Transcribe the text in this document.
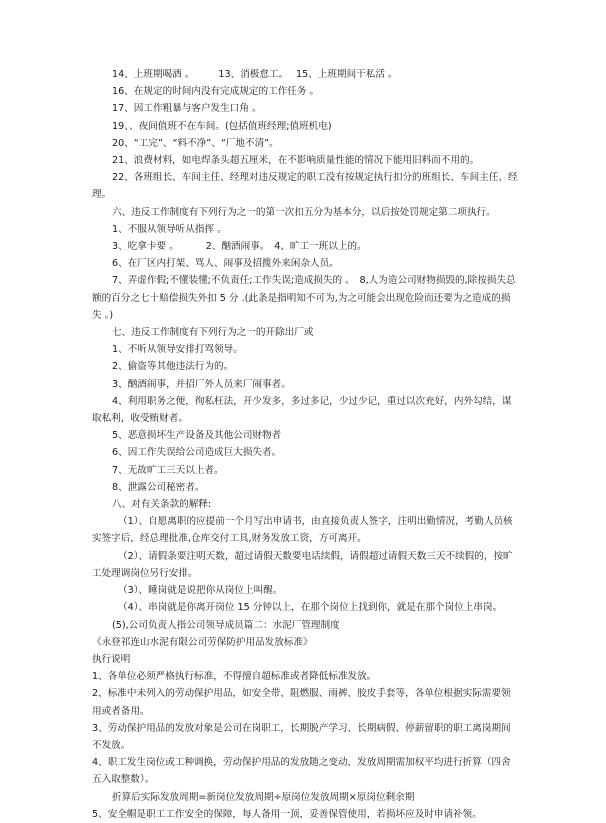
14、上班期喝酒 。　　　13、消极怠工。　 15、上班期间干私活 。

16、在规定的时间内没有完成规定的工作任务 。

17、因工作粗暴与客户发生口角 。

19、、夜间值班不在车间。(包括值班经理;值班机电)

20、“工完”、“料不净”、“厂地不清”。

21、浪费材料，如电焊条头超五厘米，在不影响质量性能的情况下能用旧料而不用的。

22、各班组长、车间主任、经理对违反规定的职工没有按规定执行扣分的班组长、车间主任、经理。

六、违反工作制度有下列行为之一的第一次扣五分为基本分，以后按处罚规定第二项执行。

1、不服从领导听从指挥 。

3、吃拿卡要 。　　　 2、酗酒闹事。　4、旷工一班以上的。

6、在厂区内打架、骂人、闹事及招揽外来闲杂人员。

7、弄虚作假;不懂装懂;不负责任;工作失误;造成损失的 。　8,人为造公司财物损毁的,除按损失总额的百分之七十赔偿损失外扣 5 分 .(此条是指明知不可为,为之可能会出现危险而还要为之造成的损失 。)

七、违反工作制度有下列行为之一的开除出厂或

1、不听从领导安排打骂领导。

2、偷盗等其他违法行为的。

3、酗酒闹事，并招厂外人员来厂闹事者。

4、利用职务之便，徇私枉法，开少发多，多过多记，少过少记，重过以次充好，内外勾结，谋取私利，收受贿财者。

5、恶意损坏生产设备及其他公司财物者

6、因工作失误给公司造成巨大损失者。

7、无故旷工三天以上者。

8、泄露公司秘密者。

八、对有关条款的解释:

（1）、自愿离职的应提前一个月写出申请书，由直接负责人签字，注明出勤情况，考勤人员核实签字后，经总理批准,仓库交付工具,财务发放工资，方可离开。

（2）、请假条要注明天数，超过请假天数要电话续假，请假超过请假天数三天不续假的，按旷工处理调岗位另行安排。

（3）、睡岗就是说把你从岗位上叫醒。

（4）、串岗就是你离开岗位 15 分钟以上，在那个岗位上找到你，就是在那个岗位上串岗。

(5),公司负责人指公司领导成员篇二：水泥厂管理制度

《永登祁连山水泥有限公司劳保防护用品发放标准》

执行说明

1、各单位必须严格执行标准，不得擅自超标准或者降低标准发放。

2、标准中未列入的劳动保护用品，如安全带、阻燃服、雨裤、胶皮手套等，各单位根据实际需要领用或者备用。

3、劳动保护用品的发放对象是公司在岗职工，长期脱产学习、长期病假、停薪留职的职工离岗期间不发放。

4、职工发生岗位或工种调换，劳动保护用品的发放随之变动，发放周期需加权平均进行折算（四舍五入取整数）。

折算后实际发放周期=新岗位发放周期÷原岗位发放周期×原岗位剩余期

5、安全帽是职工工作安全的保障，每人备用一顶，妥善保管使用，若损坏应及时申请补领。
